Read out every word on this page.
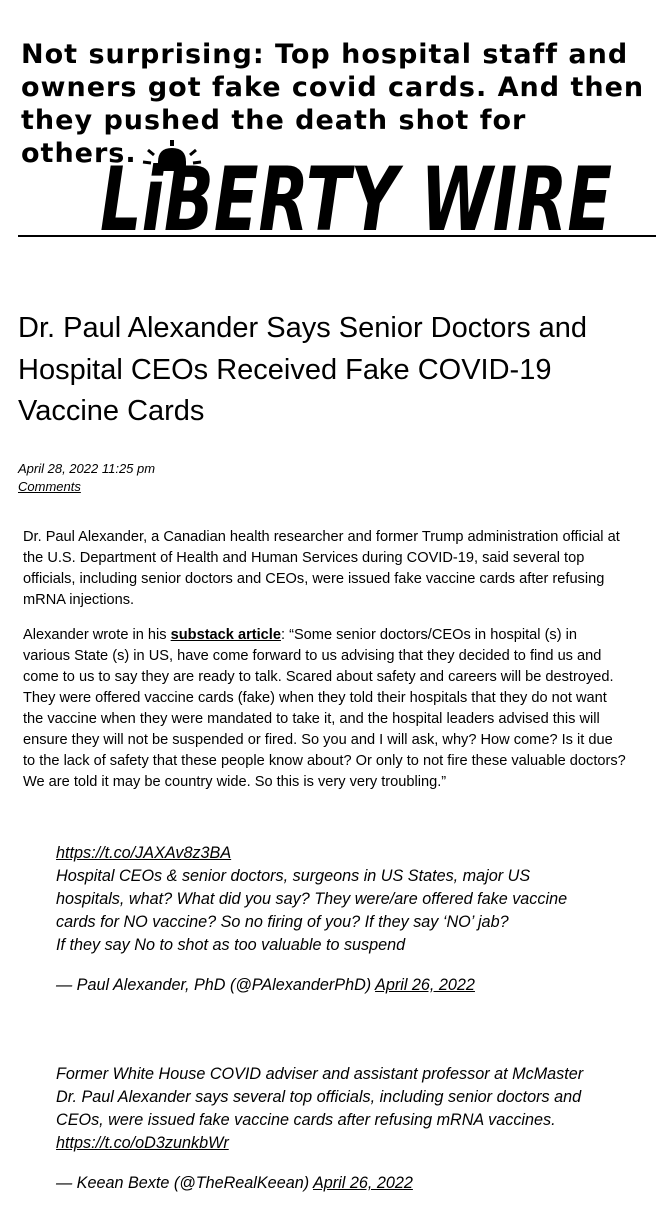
Not surprising: Top hospital staff and
owners got fake covid cards. And then
they pushed the death shot for others.
LiBERTY WIRE
Dr. Paul Alexander Says Senior Doctors and Hospital CEOs Received Fake COVID-19 Vaccine Cards
April 28, 2022 11:25 pm
Comments

Dr. Paul Alexander, a Canadian health researcher and former Trump administration official at the U.S. Department of Health and Human Services during COVID-19, said several top officials, including senior doctors and CEOs, were issued fake vaccine cards after refusing mRNA injections.

Alexander wrote in his substack article: “Some senior doctors/CEOs in hospital (s) in various State (s) in US, have come forward to us advising that they decided to find us and come to us to say they are ready to talk. Scared about safety and careers will be destroyed. They were offered vaccine cards (fake) when they told their hospitals that they do not want the vaccine when they were mandated to take it, and the hospital leaders advised this will ensure they will not be suspended or fired. So you and I will ask, why? How come? Is it due to the lack of safety that these people know about? Or only to not fire these valuable doctors? We are told it may be country wide. So this is very very troubling.”

https://t.co/JAXAv8z3BA
Hospital CEOs & senior doctors, surgeons in US States, major US
hospitals, what? What did you say? They were/are offered fake vaccine
cards for NO vaccine? So no firing of you? If they say ‘NO’ jab?
If they say No to shot as too valuable to suspend

— Paul Alexander, PhD (@PAlexanderPhD) April 26, 2022

Former White House COVID adviser and assistant professor at McMaster
Dr. Paul Alexander says several top officials, including senior doctors and
CEOs, were issued fake vaccine cards after refusing mRNA vaccines.
https://t.co/oD3zunkbWr

— Keean Bexte (@TheRealKeean) April 26, 2022
